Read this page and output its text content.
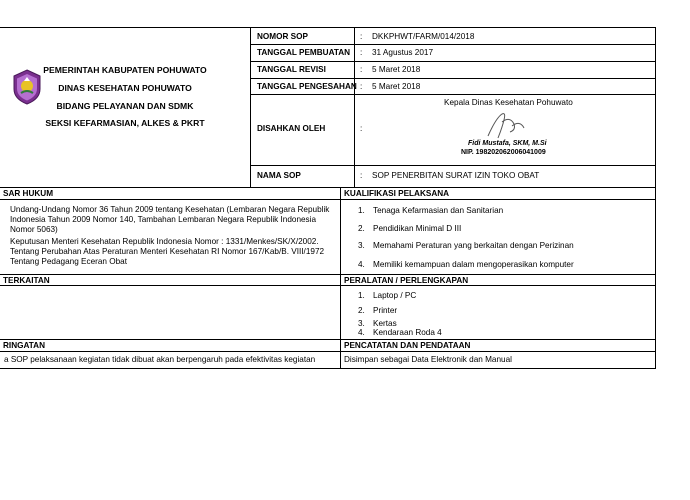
PEMERINTAH KABUPATEN POHUWATO
DINAS KESEHATAN POHUWATO
BIDANG PELAYANAN DAN SDMK
SEKSI KEFARMASIAN, ALKES & PKRT
NOMOR SOP	: DKKPHWT/FARM/014/2018
TANGGAL PEMBUATAN : 31 Agustus 2017
TANGGAL REVISI	: 5 Maret 2018
TANGGAL PENGESAHAN : 5 Maret 2018
DISAHKAN OLEH	:
Kepala Dinas Kesehatan Pohuwato
Fidi Mustafa, SKM, M.Si
NIP. 198202062006041009
NAMA SOP	: SOP PENERBITAN SURAT IZIN TOKO OBAT
SAR HUKUM
Undang-Undang Nomor 36 Tahun 2009 tentang Kesehatan (Lembaran Negara Republik Indonesia Tahun 2009 Nomor 140, Tambahan Lembaran Negara Republik Indonesia Nomor 5063)
Keputusan Menteri Kesehatan Republik Indonesia Nomor : 1331/Menkes/SK/X/2002. Tentang Perubahan Atas Peraturan Menteri Kesehatan RI Nomor 167/Kab/B. VIII/1972 Tentang Pedagang Eceran Obat
TERKAITAN
RINGATAN
a SOP pelaksanaan kegiatan tidak dibuat akan berpengaruh pada efektivitas kegiatan
KUALIFIKASI PELAKSANA
1. Tenaga Kefarmasian dan Sanitarian
2. Pendidikan Minimal D III
3. Memahami Peraturan yang berkaitan dengan Perizinan
4. Memiliki kemampuan dalam mengoperasikan komputer
PERALATAN / PERLENGKAPAN
1. Laptop / PC
2. Printer
3. Kertas
4. Kendaraan Roda 4
PENCATATAN DAN PENDATAAN
Disimpan sebagai Data Elektronik dan Manual
